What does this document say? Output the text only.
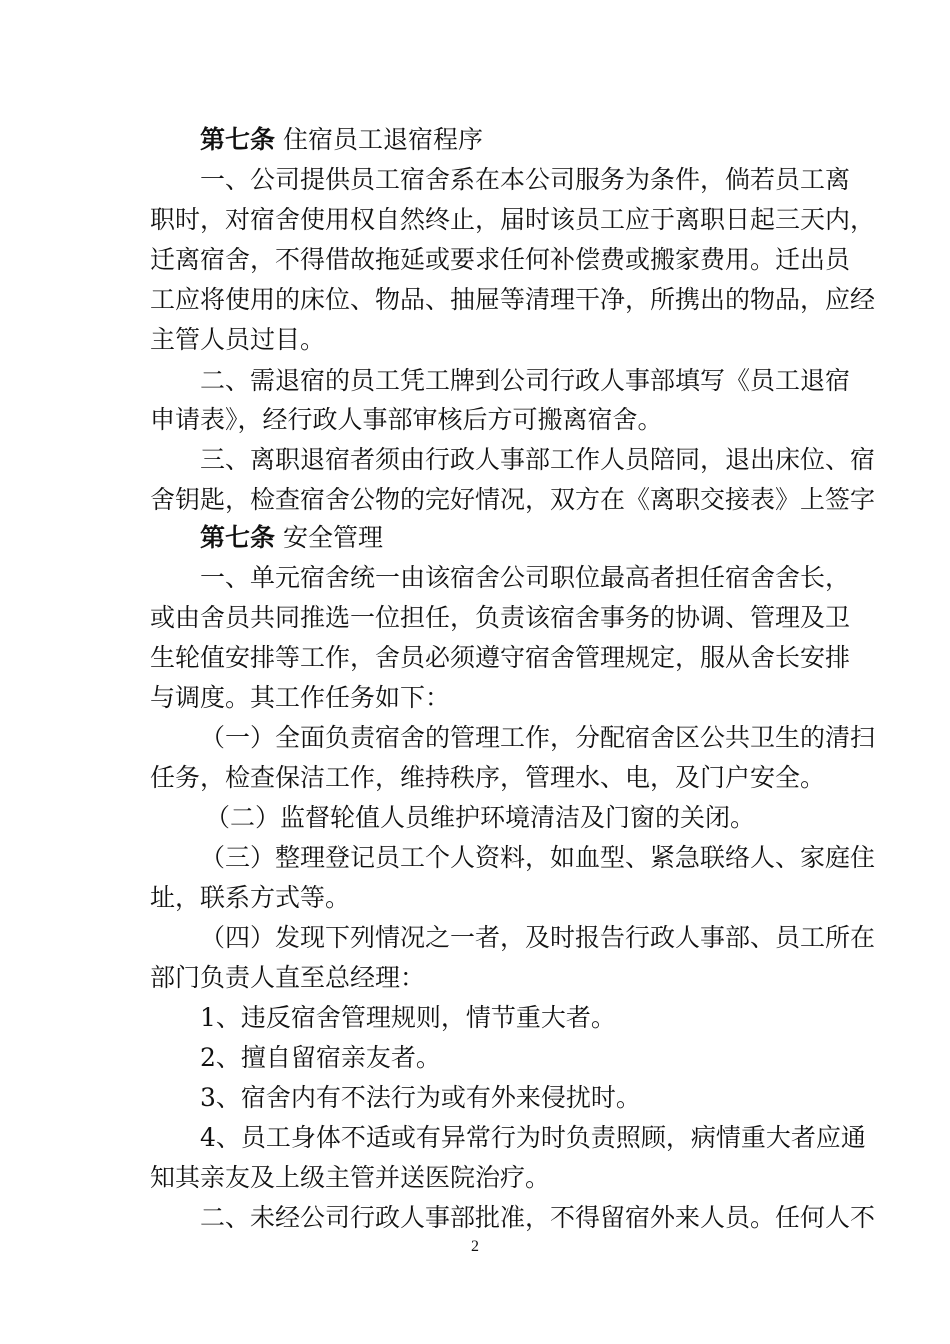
第七条 住宿员工退宿程序
一、公司提供员工宿舍系在本公司服务为条件，倘若员工离
职时，对宿舍使用权自然终止，届时该员工应于离职日起三天内，
迁离宿舍，不得借故拖延或要求任何补偿费或搬家费用。迁出员
工应将使用的床位、物品、抽屉等清理干净，所携出的物品，应经
主管人员过目。
二、需退宿的员工凭工牌到公司行政人事部填写《员工退宿
申请表》，经行政人事部审核后方可搬离宿舍。
三、离职退宿者须由行政人事部工作人员陪同，退出床位、宿
舍钥匙，检查宿舍公物的完好情况，双方在《离职交接表》上签字
第七条 安全管理
一、单元宿舍统一由该宿舍公司职位最高者担任宿舍舍长，
或由舍员共同推选一位担任，负责该宿舍事务的协调、管理及卫
生轮值安排等工作，舍员必须遵守宿舍管理规定，服从舍长安排
与调度。其工作任务如下：
（一）全面负责宿舍的管理工作，分配宿舍区公共卫生的清扫
任务，检查保洁工作，维持秩序，管理水、电，及门户安全。
（二）监督轮值人员维护环境清洁及门窗的关闭。
（三）整理登记员工个人资料，如血型、紧急联络人、家庭住
址，联系方式等。
（四）发现下列情况之一者，及时报告行政人事部、员工所在
部门负责人直至总经理：
1、违反宿舍管理规则，情节重大者。
2、擅自留宿亲友者。
3、宿舍内有不法行为或有外来侵扰时。
4、员工身体不适或有异常行为时负责照顾，病情重大者应通
知其亲友及上级主管并送医院治疗。
二、未经公司行政人事部批准，不得留宿外来人员。任何人不
2
